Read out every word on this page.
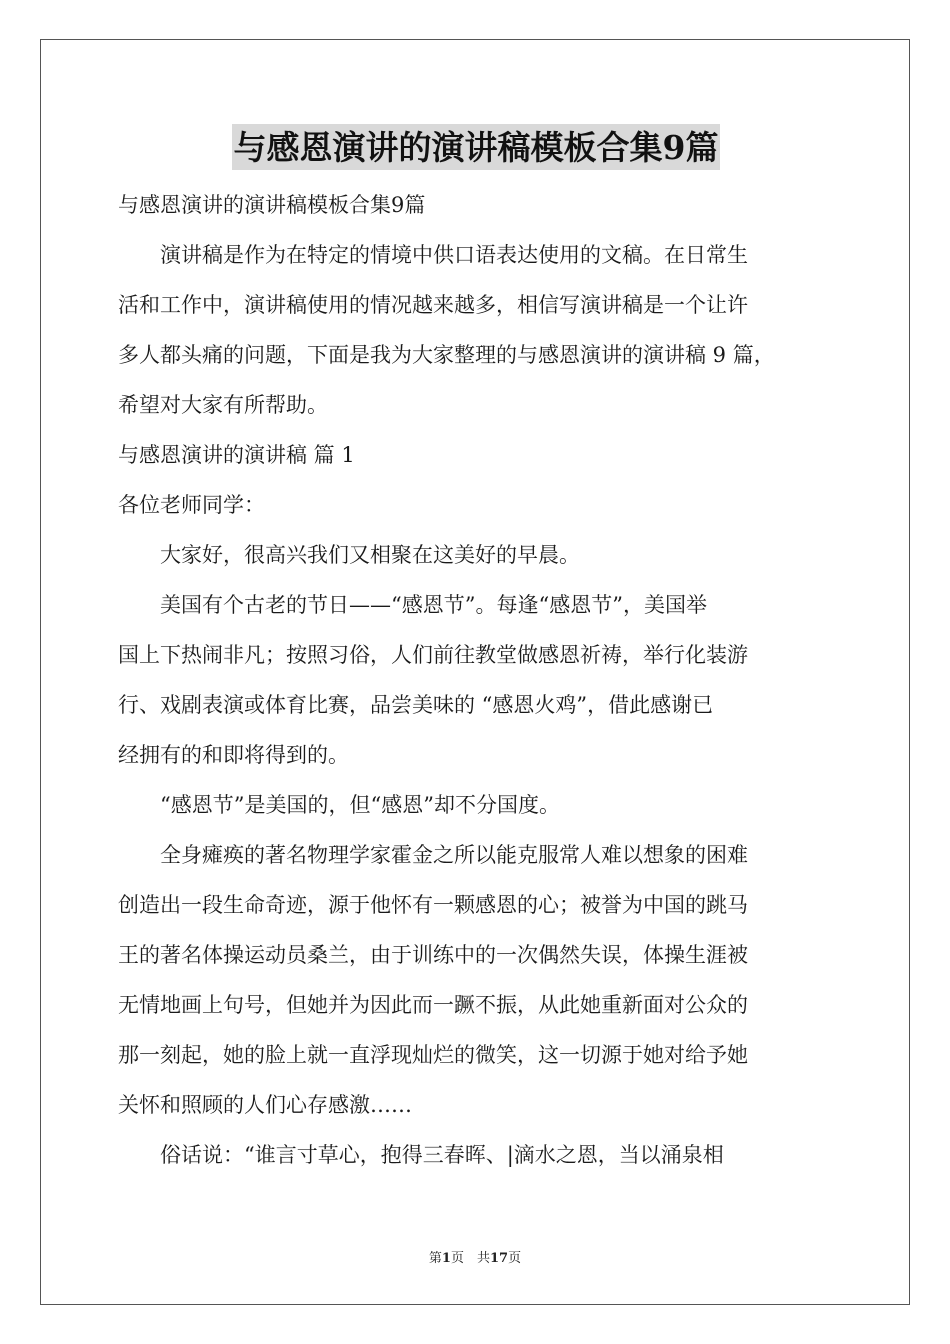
与感恩演讲的演讲稿模板合集9篇
与感恩演讲的演讲稿模板合集9篇
演讲稿是作为在特定的情境中供口语表达使用的文稿。在日常生
活和工作中，演讲稿使用的情况越来越多，相信写演讲稿是一个让许
多人都头痛的问题，下面是我为大家整理的与感恩演讲的演讲稿 9 篇，
希望对大家有所帮助。
与感恩演讲的演讲稿 篇 1
各位老师同学：
大家好，很高兴我们又相聚在这美好的早晨。
美国有个古老的节日——“感恩节”。每逢“感恩节”，美国举
国上下热闹非凡；按照习俗，人们前往教堂做感恩祈祷，举行化装游
行、戏剧表演或体育比赛，品尝美味的 “感恩火鸡”，借此感谢已
经拥有的和即将得到的。
“感恩节”是美国的，但“感恩”却不分国度。
全身瘫痪的著名物理学家霍金之所以能克服常人难以想象的困难
创造出一段生命奇迹，源于他怀有一颗感恩的心；被誉为中国的跳马
王的著名体操运动员桑兰，由于训练中的一次偶然失误，体操生涯被
无情地画上句号，但她并为因此而一蹶不振，从此她重新面对公众的
那一刻起，她的脸上就一直浮现灿烂的微笑，这一切源于她对给予她
关怀和照顾的人们心存感激……
俗话说：“谁言寸草心，抱得三春晖、|滴水之恩，当以涌泉相
第1页　共17页
